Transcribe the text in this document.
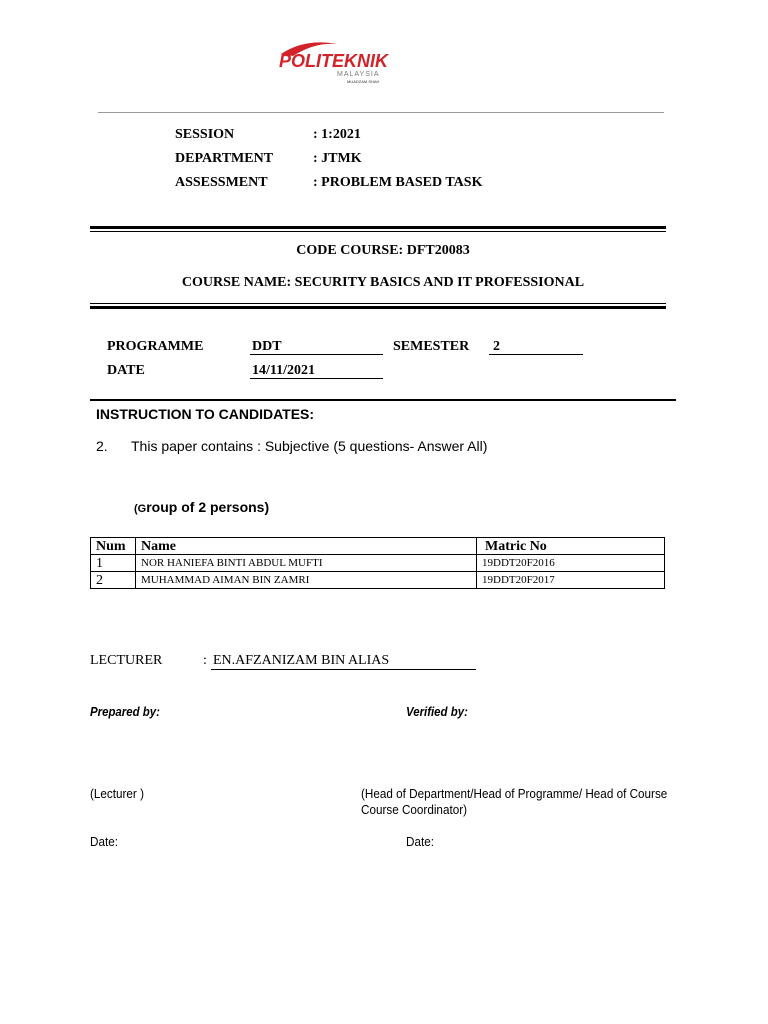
POLITEKNIK
MALAYSIA
MUADZAM SHAH
SESSION	: 1:2021
DEPARTMENT	: JTMK
ASSESSMENT	: PROBLEM BASED TASK
CODE COURSE: DFT20083
COURSE NAME: SECURITY BASICS AND IT PROFESSIONAL
PROGRAMME	DDT	SEMESTER 2
DATE	14/11/2021
INSTRUCTION TO CANDIDATES:
2. This paper contains : Subjective (5 questions- Answer All)
(Group of 2 persons)
Num	Name	Matric No
1	NOR HANIEFA BINTI ABDUL MUFTI	19DDT20F2016
2	MUHAMMAD AIMAN BIN ZAMRI	19DDT20F2017
LECTURER	: EN.AFZANIZAM BIN ALIAS
Prepared by:	Verified by:
(Lecturer )	(Head of Department/Head of Programme/ Head of Course
Course Coordinator)
Date:	Date:
